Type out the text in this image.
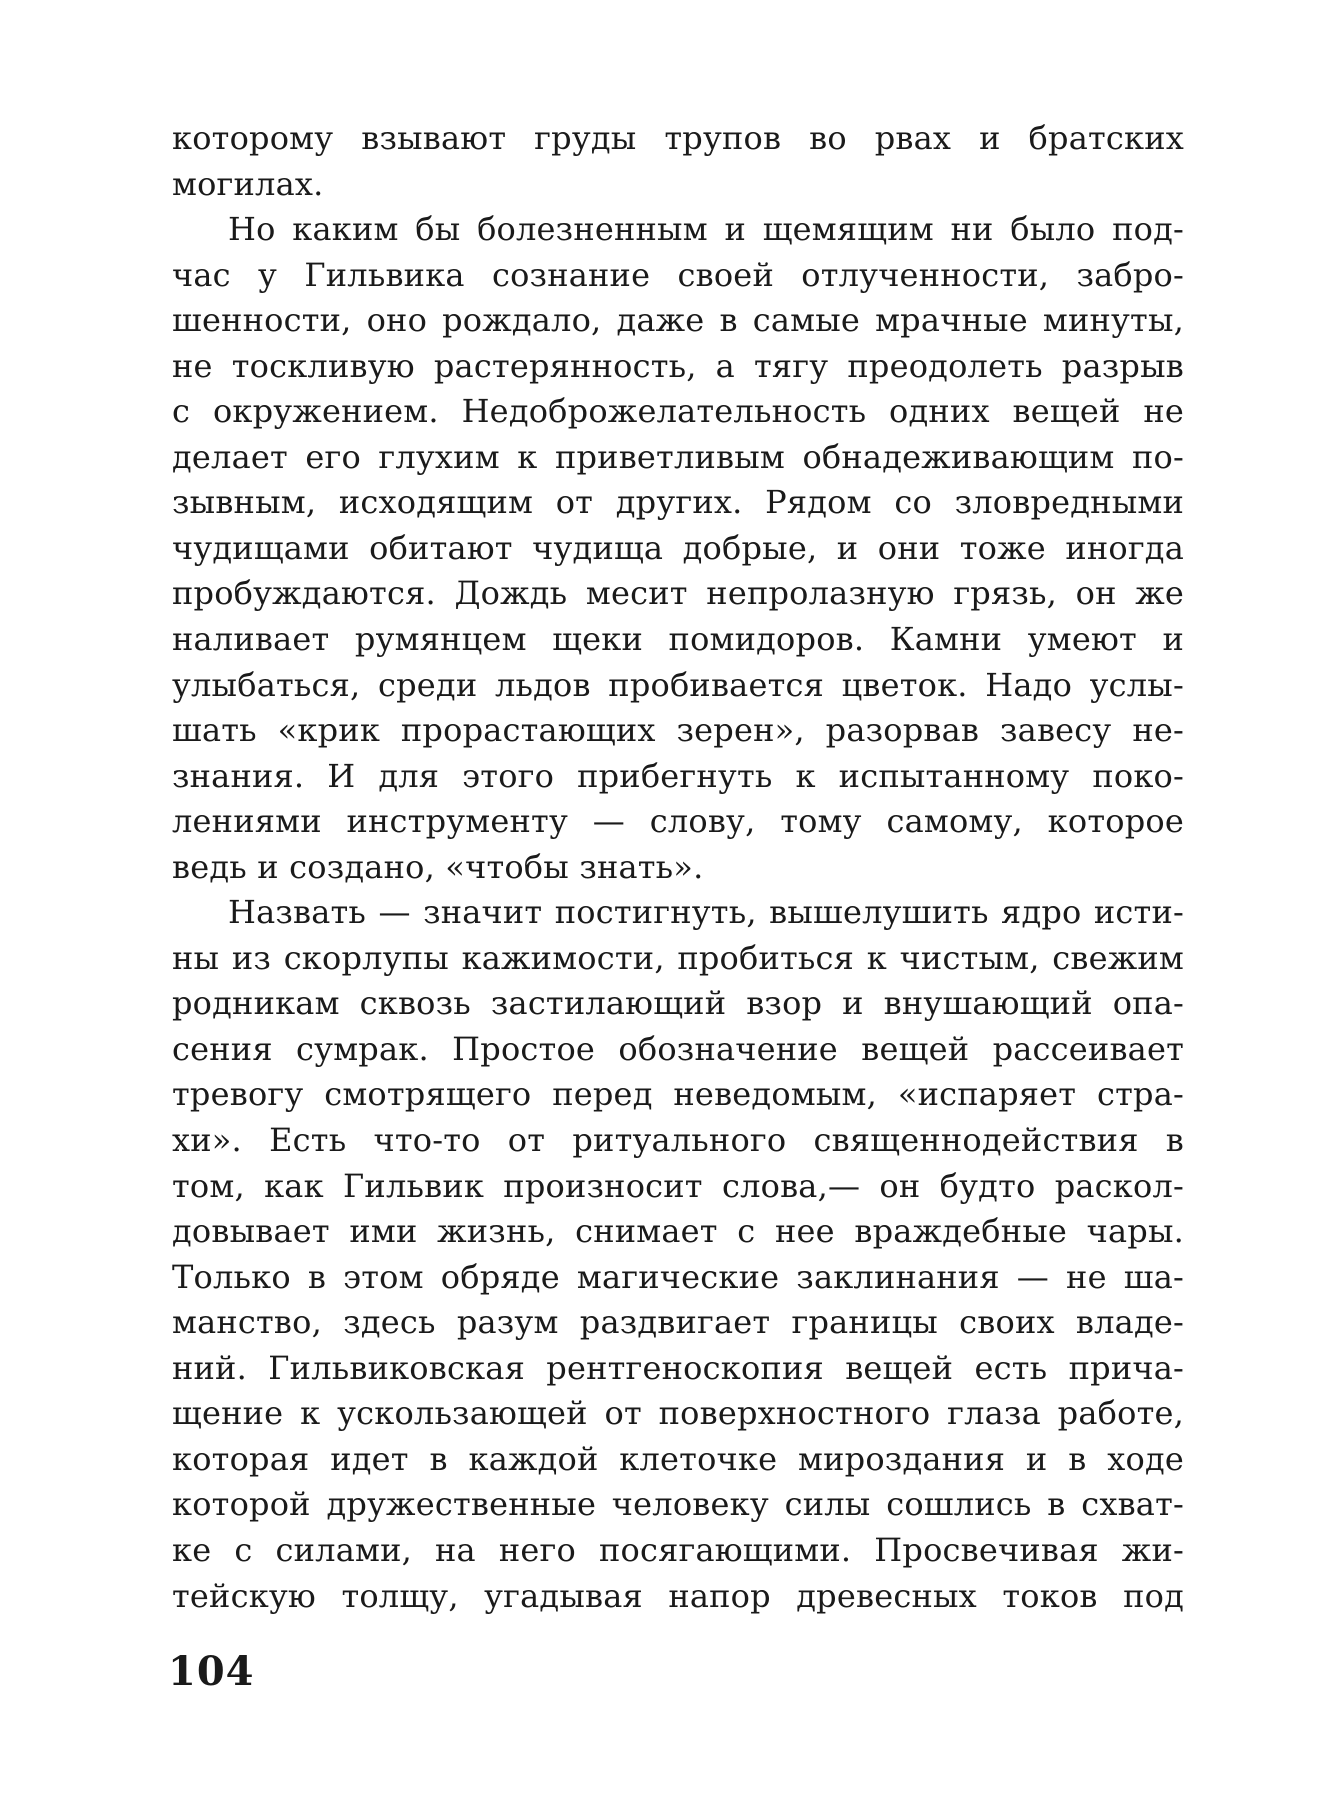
которому взывают груды трупов во рвах и братских
могилах.
Но каким бы болезненным и щемящим ни было под-
час у Гильвика сознание своей отлученности, забро-
шенности, оно рождало, даже в самые мрачные минуты,
не тоскливую растерянность, а тягу преодолеть разрыв
с окружением. Недоброжелательность одних вещей не
делает его глухим к приветливым обнадеживающим по-
зывным, исходящим от других. Рядом со зловредными
чудищами обитают чудища добрые, и они тоже иногда
пробуждаются. Дождь месит непролазную грязь, он же
наливает румянцем щеки помидоров. Камни умеют и
улыбаться, среди льдов пробивается цветок. Надо услы-
шать «крик прорастающих зерен», разорвав завесу не-
знания. И для этого прибегнуть к испытанному поко-
лениями инструменту — слову, тому самому, которое
ведь и создано, «чтобы знать».
Назвать — значит постигнуть, вышелушить ядро исти-
ны из скорлупы кажимости, пробиться к чистым, свежим
родникам сквозь застилающий взор и внушающий опа-
сения сумрак. Простое обозначение вещей рассеивает
тревогу смотрящего перед неведомым, «испаряет стра-
хи». Есть что-то от ритуального священнодействия в
том, как Гильвик произносит слова,— он будто раскол-
довывает ими жизнь, снимает с нее враждебные чары.
Только в этом обряде магические заклинания — не ша-
манство, здесь разум раздвигает границы своих владе-
ний. Гильвиковская рентгеноскопия вещей есть прича-
щение к ускользающей от поверхностного глаза работе,
которая идет в каждой клеточке мироздания и в ходе
которой дружественные человеку силы сошлись в схват-
ке с силами, на него посягающими. Просвечивая жи-
тейскую толщу, угадывая напор древесных токов под
104
